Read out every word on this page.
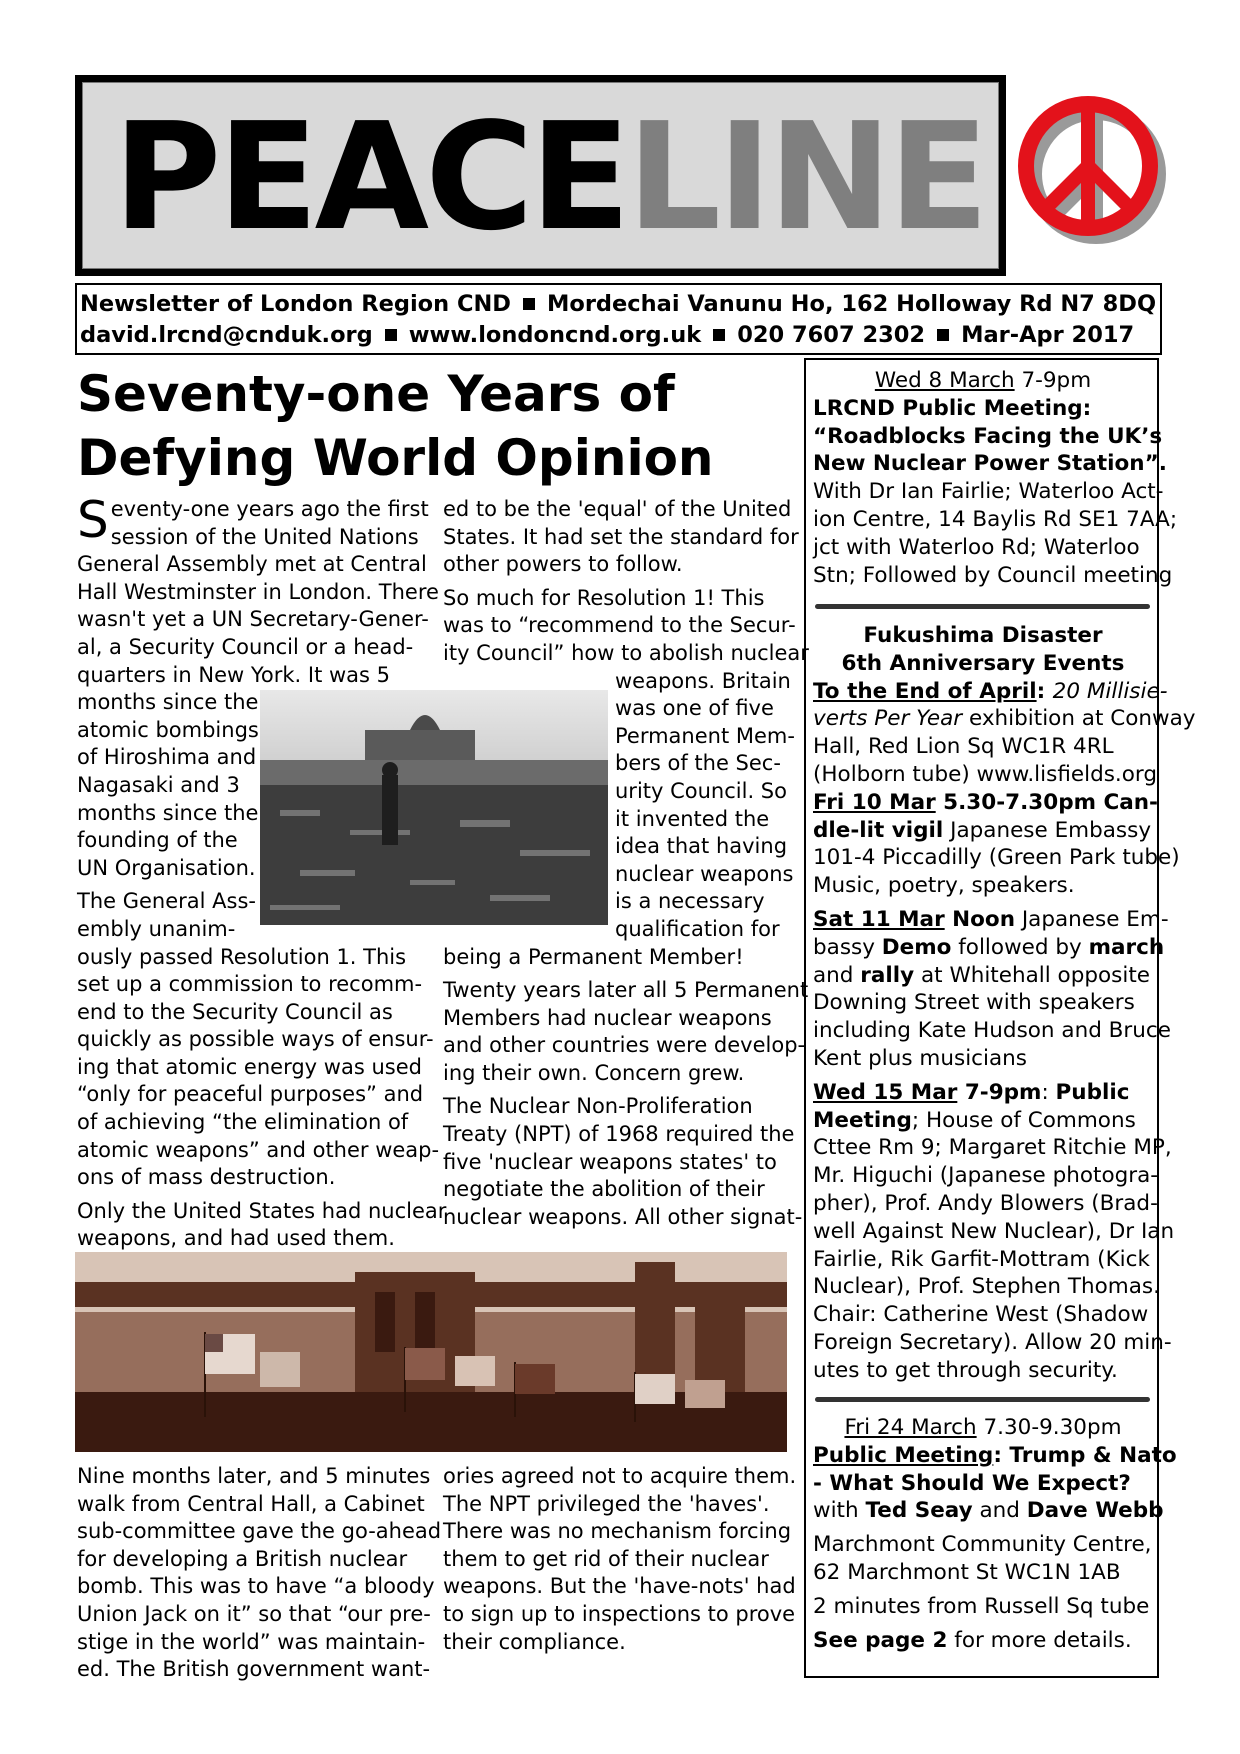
PEACELINE
Newsletter of London Region CND Mordechai Vanunu Ho, 162 Holloway Rd N7 8DQ
david.lrcnd@cnduk.org www.londoncnd.org.uk 020 7607 2302 Mar-Apr 2017
Seventy-one Years of
Defying World Opinion
S eventy-one years ago the first

session of the United Nations

General Assembly met at Central

Hall Westminster in London. There

wasn't yet a UN Secretary-Gener-

al, a Security Council or a head-

quarters in New York. It was 5

months since the

atomic bombings

of Hiroshima and

Nagasaki and 3

months since the

founding of the

UN Organisation.

The General Ass-

embly unanim-

ously passed Resolution 1. This

set up a commission to recomm-

end to the Security Council as

quickly as possible ways of ensur-

ing that atomic energy was used

“only for peaceful purposes” and

of achieving “the elimination of

atomic weapons” and other weap-

ons of mass destruction.

Only the United States had nuclear

weapons, and had used them.

ed to be the 'equal' of the United

States. It had set the standard for

other powers to follow.

So much for Resolution 1! This

was to “recommend to the Secur-

ity Council” how to abolish nuclear

weapons. Britain

was one of five

Permanent Mem-

bers of the Sec-

urity Council. So

it invented the

idea that having

nuclear weapons

is a necessary

qualification for

being a Permanent Member!

Twenty years later all 5 Permanent

Members had nuclear weapons

and other countries were develop-

ing their own. Concern grew.

The Nuclear Non-Proliferation

Treaty (NPT) of 1968 required the

five 'nuclear weapons states' to

negotiate the abolition of their

nuclear weapons. All other signat-

Nine months later, and 5 minutes

walk from Central Hall, a Cabinet

sub-committee gave the go-ahead

for developing a British nuclear

bomb. This was to have “a bloody

Union Jack on it” so that “our pre-

stige in the world” was maintain-

ed. The British government want-

ories agreed not to acquire them.

The NPT privileged the 'haves'.

There was no mechanism forcing

them to get rid of their nuclear

weapons. But the 'have-nots' had

to sign up to inspections to prove

their compliance.

Wed 8 March 7-9pm

LRCND Public Meeting:

“Roadblocks Facing the UK’s

New Nuclear Power Station”.

With Dr Ian Fairlie; Waterloo Act-

ion Centre, 14 Baylis Rd SE1 7AA;

jct with Waterloo Rd; Waterloo

Stn; Followed by Council meeting

Fukushima Disaster

6th Anniversary Events

To the End of April: 20 Millisie-

verts Per Year exhibition at Conway

Hall, Red Lion Sq WC1R 4RL

(Holborn tube) www.lisfields.org

Fri 10 Mar 5.30-7.30pm Can-

dle-lit vigil Japanese Embassy

101-4 Piccadilly (Green Park tube)

Music, poetry, speakers.

Sat 11 Mar Noon Japanese Em-

bassy Demo followed by march

and rally at Whitehall opposite

Downing Street with speakers

including Kate Hudson and Bruce

Kent plus musicians

Wed 15 Mar 7-9pm: Public

Meeting; House of Commons

Cttee Rm 9; Margaret Ritchie MP,

Mr. Higuchi (Japanese photogra-

pher), Prof. Andy Blowers (Brad-

well Against New Nuclear), Dr Ian

Fairlie, Rik Garfit-Mottram (Kick

Nuclear), Prof. Stephen Thomas.

Chair: Catherine West (Shadow

Foreign Secretary). Allow 20 min-

utes to get through security.

Fri 24 March 7.30-9.30pm

Public Meeting: Trump & Nato

- What Should We Expect?

with Ted Seay and Dave Webb

Marchmont Community Centre,

62 Marchmont St WC1N 1AB

2 minutes from Russell Sq tube

See page 2 for more details.
